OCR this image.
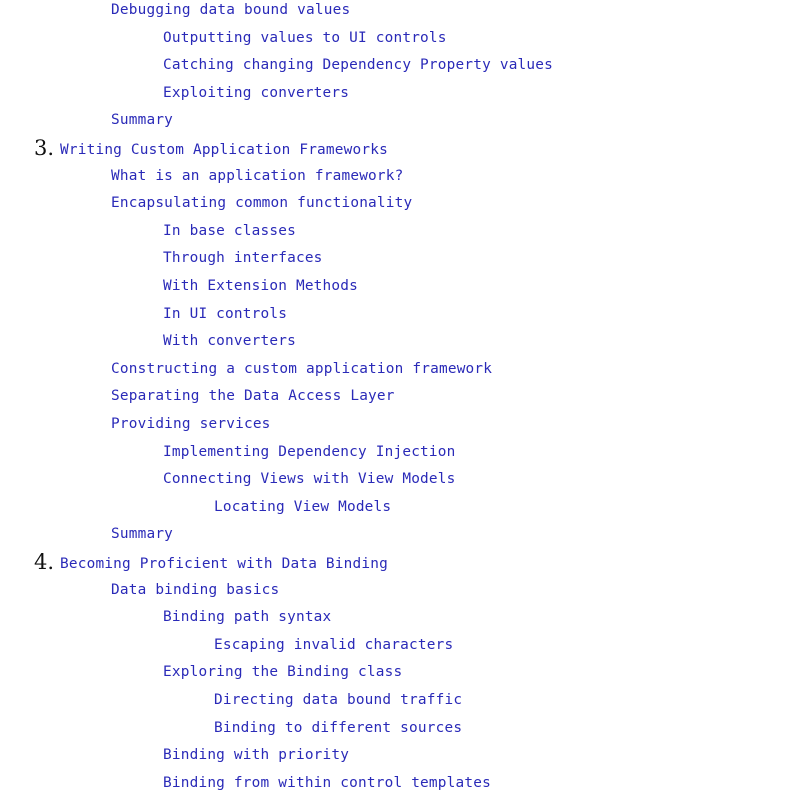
Debugging data bound values
Outputting values to UI controls
Catching changing Dependency Property values
Exploiting converters
Summary
3. Writing Custom Application Frameworks
What is an application framework?
Encapsulating common functionality
In base classes
Through interfaces
With Extension Methods
In UI controls
With converters
Constructing a custom application framework
Separating the Data Access Layer
Providing services
Implementing Dependency Injection
Connecting Views with View Models
Locating View Models
Summary
4. Becoming Proficient with Data Binding
Data binding basics
Binding path syntax
Escaping invalid characters
Exploring the Binding class
Directing data bound traffic
Binding to different sources
Binding with priority
Binding from within control templates
